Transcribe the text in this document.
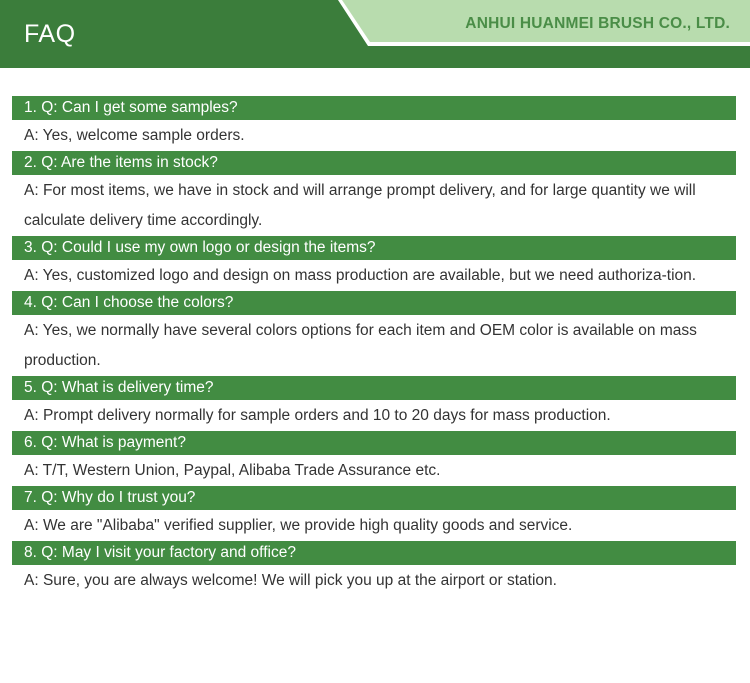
FAQ	ANHUI HUANMEI BRUSH CO., LTD.
1. Q: Can I get some samples?
A: Yes, welcome sample orders.
2. Q: Are the items in stock?
A: For most items, we have in stock and will arrange prompt delivery, and for large quantity we will calculate delivery time accordingly.
3. Q: Could I use my own logo or design the items?
A: Yes, customized logo and design on mass production are available, but we need authoriza-tion.
4. Q: Can I choose the colors?
A: Yes, we normally have several colors options for each item and OEM color is available on mass production.
5. Q: What is delivery time?
A: Prompt delivery normally for sample orders and 10 to 20 days for mass production.
6. Q: What is payment?
A: T/T, Western Union, Paypal, Alibaba Trade Assurance etc.
7. Q: Why do I trust you?
A: We are "Alibaba" verified supplier, we provide high quality goods and service.
8. Q: May I visit your factory and office?
A: Sure, you are always welcome! We will pick you up at the airport or station.
